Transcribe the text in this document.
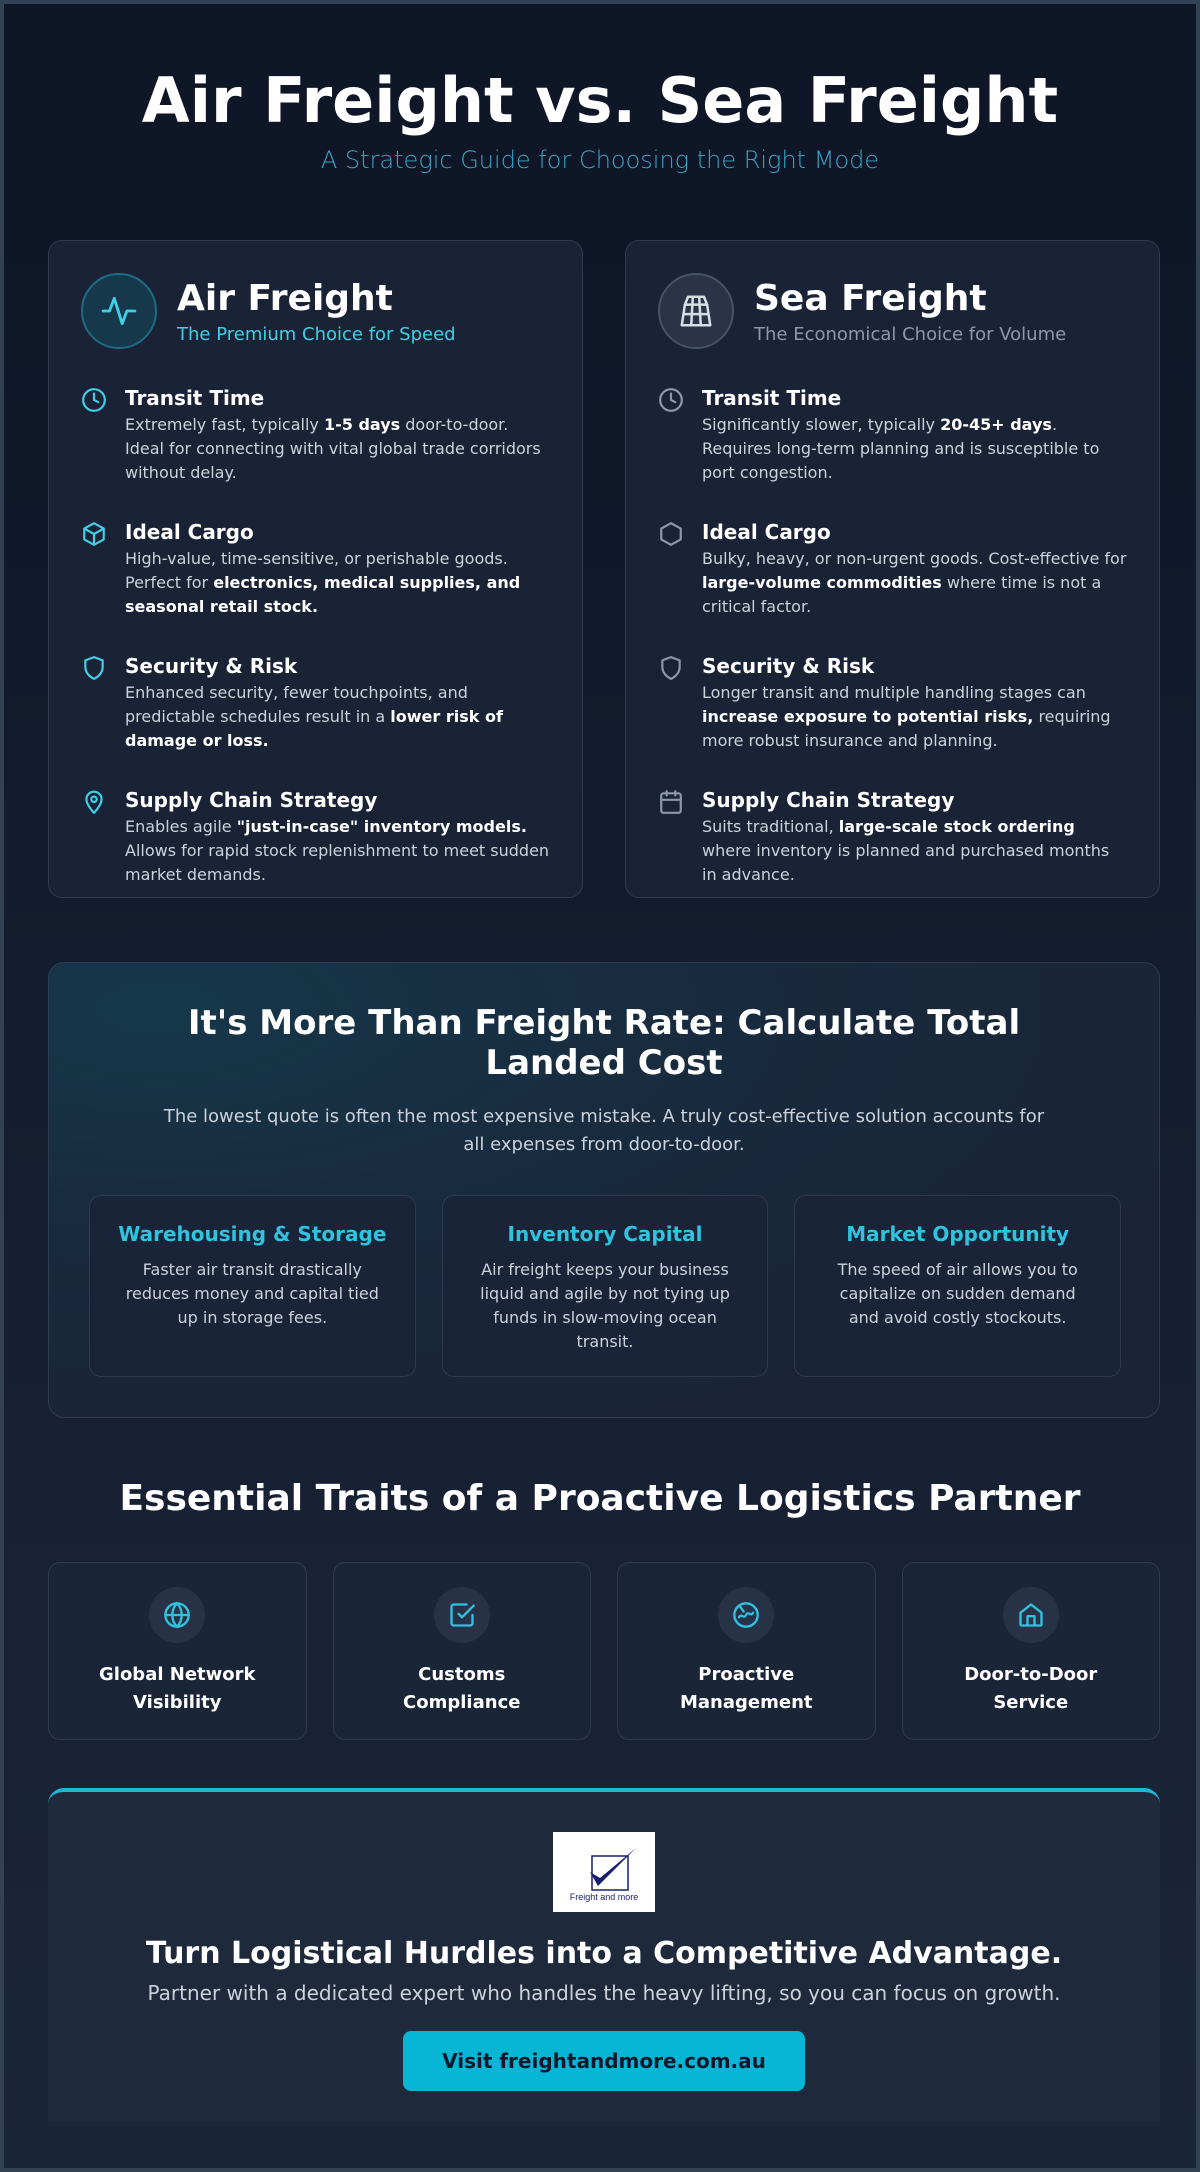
Air Freight vs. Sea Freight
A Strategic Guide for Choosing the Right Mode
Air Freight
The Premium Choice for Speed
Transit Time

Extremely fast, typically 1-5 days door-to-door. Ideal for connecting with vital global trade corridors without delay.

Ideal Cargo

High-value, time-sensitive, or perishable goods. Perfect for electronics, medical supplies, and seasonal retail stock.

Security & Risk

Enhanced security, fewer touchpoints, and predictable schedules result in a lower risk of damage or loss.

Supply Chain Strategy

Enables agile "just-in-case" inventory models. Allows for rapid stock replenishment to meet sudden market demands.

Sea Freight
The Economical Choice for Volume
Transit Time

Significantly slower, typically 20-45+ days. Requires long-term planning and is susceptible to port congestion.

Ideal Cargo

Bulky, heavy, or non-urgent goods. Cost-effective for large-volume commodities where time is not a critical factor.

Security & Risk

Longer transit and multiple handling stages can increase exposure to potential risks, requiring more robust insurance and planning.

Supply Chain Strategy

Suits traditional, large-scale stock ordering where inventory is planned and purchased months in advance.

It's More Than Freight Rate: Calculate Total Landed Cost

The lowest quote is often the most expensive mistake. A truly cost-effective solution accounts for all expenses from door-to-door.

Warehousing & Storage

Faster air transit drastically reduces money and capital tied up in storage fees.

Inventory Capital

Air freight keeps your business liquid and agile by not tying up funds in slow-moving ocean transit.

Market Opportunity

The speed of air allows you to capitalize on sudden demand and avoid costly stockouts.

Essential Traits of a Proactive Logistics Partner
Global Network
Visibility
Customs
Compliance
Proactive
Management
Door-to-Door
Service
Freight and more
Turn Logistical Hurdles into a Competitive Advantage.

Partner with a dedicated expert who handles the heavy lifting, so you can focus on growth.

Visit freightandmore.com.au
